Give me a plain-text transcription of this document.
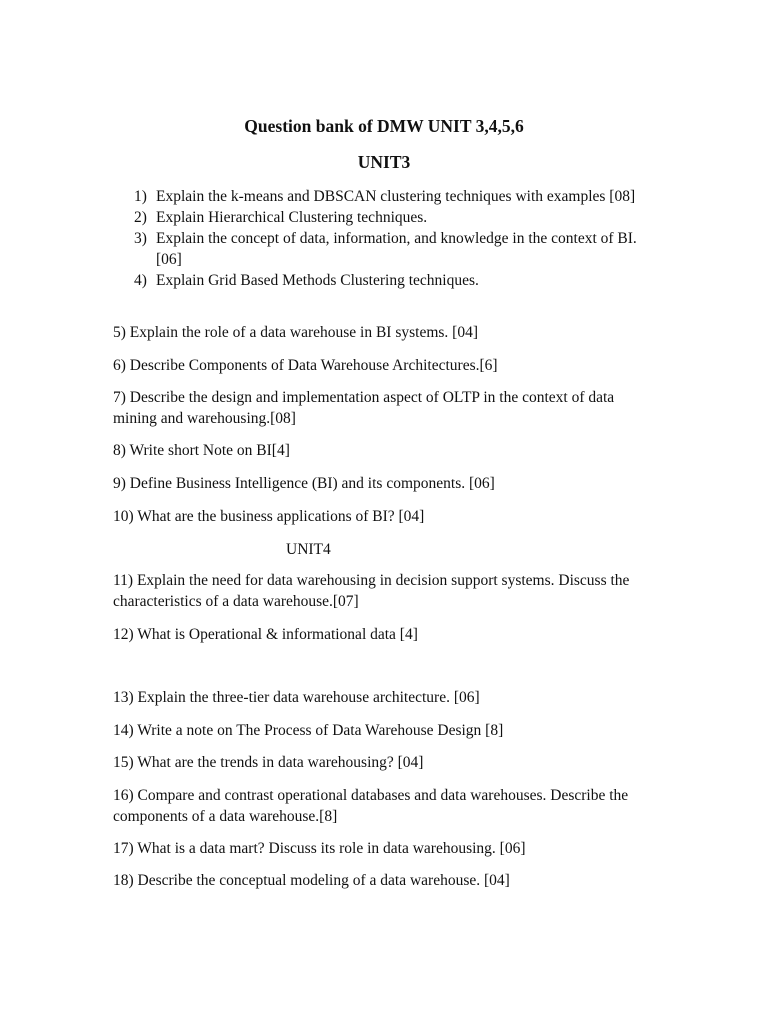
Question bank of DMW UNIT 3,4,5,6
UNIT3
1) Explain the k-means and DBSCAN clustering techniques with examples [08]
2) Explain Hierarchical Clustering techniques.
3) Explain the concept of data, information, and knowledge in the context of BI. [06]
4) Explain Grid Based Methods Clustering techniques.

5) Explain the role of a data warehouse in BI systems. [04]

6) Describe Components of Data Warehouse Architectures.[6]

7) Describe the design and implementation aspect of OLTP in the context of data mining and warehousing.[08]

8) Write short Note on BI[4]

9) Define Business Intelligence (BI) and its components. [06]

10) What are the business applications of BI? [04]

UNIT4

11) Explain the need for data warehousing in decision support systems. Discuss the characteristics of a data warehouse.[07]

12) What is Operational & informational data [4]

13) Explain the three-tier data warehouse architecture. [06]

14) Write a note on The Process of Data Warehouse Design [8]

15) What are the trends in data warehousing? [04]

16) Compare and contrast operational databases and data warehouses. Describe the components of a data warehouse.[8]

17) What is a data mart? Discuss its role in data warehousing. [06]

18) Describe the conceptual modeling of a data warehouse. [04]
